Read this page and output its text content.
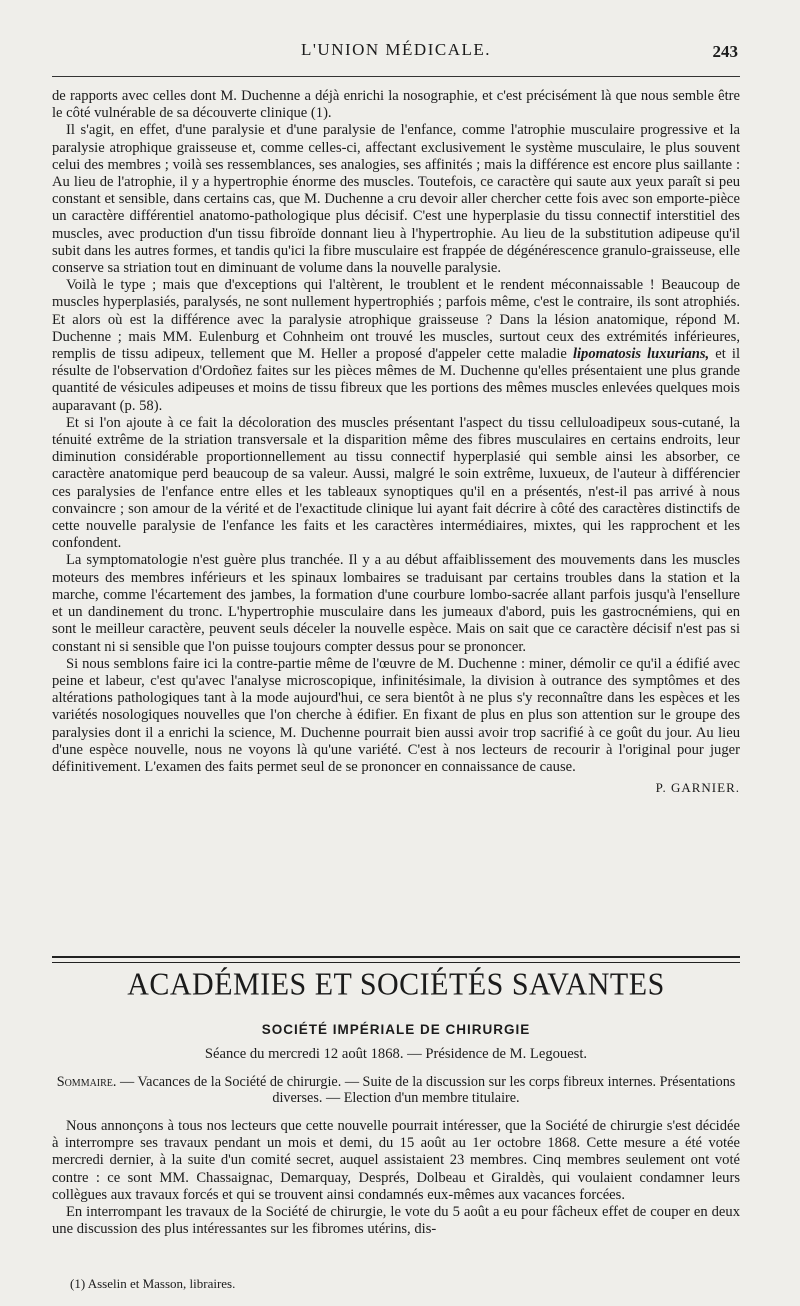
L'UNION MÉDICALE.	243

de rapports avec celles dont M. Duchenne a déjà enrichi la nosographie, et c'est précisément là que nous semble être le côté vulnérable de sa découverte clinique (1).

Il s'agit, en effet, d'une paralysie et d'une paralysie de l'enfance, comme l'atrophie musculaire progressive et la paralysie atrophique graisseuse et, comme celles-ci, affectant exclusivement le système musculaire, le plus souvent celui des membres ; voilà ses ressemblances, ses analogies, ses affinités ; mais la différence est encore plus saillante : Au lieu de l'atrophie, il y a hypertrophie énorme des muscles. Toutefois, ce caractère qui saute aux yeux paraît si peu constant et sensible, dans certains cas, que M. Duchenne a cru devoir aller chercher cette fois avec son emporte-pièce un caractère différentiel anatomo-pathologique plus décisif. C'est une hyperplasie du tissu connectif interstitiel des muscles, avec production d'un tissu fibroïde donnant lieu à l'hypertrophie. Au lieu de la substitution adipeuse qu'il subit dans les autres formes, et tandis qu'ici la fibre musculaire est frappée de dégénérescence granulo-graisseuse, elle conserve sa striation tout en diminuant de volume dans la nouvelle paralysie.

Voilà le type ; mais que d'exceptions qui l'altèrent, le troublent et le rendent méconnaissable ! Beaucoup de muscles hyperplasiés, paralysés, ne sont nullement hypertrophiés ; parfois même, c'est le contraire, ils sont atrophiés. Et alors où est la différence avec la paralysie atrophique graisseuse ? Dans la lésion anatomique, répond M. Duchenne ; mais MM. Eulenburg et Cohnheim ont trouvé les muscles, surtout ceux des extrémités inférieures, remplis de tissu adipeux, tellement que M. Heller a proposé d'appeler cette maladie lipomatosis luxurians, et il résulte de l'observation d'Ordoñez faites sur les pièces mêmes de M. Duchenne qu'elles présentaient une plus grande quantité de vésicules adipeuses et moins de tissu fibreux que les portions des mêmes muscles enlevées quelques mois auparavant (p. 58).

Et si l'on ajoute à ce fait la décoloration des muscles présentant l'aspect du tissu celluloadipeux sous-cutané, la ténuité extrême de la striation transversale et la disparition même des fibres musculaires en certains endroits, leur diminution considérable proportionnellement au tissu connectif hyperplasié qui semble ainsi les absorber, ce caractère anatomique perd beaucoup de sa valeur. Aussi, malgré le soin extrême, luxueux, de l'auteur à différencier ces paralysies de l'enfance entre elles et les tableaux synoptiques qu'il en a présentés, n'est-il pas arrivé à nous convaincre ; son amour de la vérité et de l'exactitude clinique lui ayant fait décrire à côté des caractères distinctifs de cette nouvelle paralysie de l'enfance les faits et les caractères intermédiaires, mixtes, qui les rapprochent et les confondent.

La symptomatologie n'est guère plus tranchée. Il y a au début affaiblissement des mouvements dans les muscles moteurs des membres inférieurs et les spinaux lombaires se traduisant par certains troubles dans la station et la marche, comme l'écartement des jambes, la formation d'une courbure lombo-sacrée allant parfois jusqu'à l'ensellure et un dandinement du tronc. L'hypertrophie musculaire dans les jumeaux d'abord, puis les gastrocnémiens, qui en sont le meilleur caractère, peuvent seuls déceler la nouvelle espèce. Mais on sait que ce caractère décisif n'est pas si constant ni si sensible que l'on puisse toujours compter dessus pour se prononcer.

Si nous semblons faire ici la contre-partie même de l'œuvre de M. Duchenne : miner, démolir ce qu'il a édifié avec peine et labeur, c'est qu'avec l'analyse microscopique, infinitésimale, la division à outrance des symptômes et des altérations pathologiques tant à la mode aujourd'hui, ce sera bientôt à ne plus s'y reconnaître dans les espèces et les variétés nosologiques nouvelles que l'on cherche à édifier. En fixant de plus en plus son attention sur le groupe des paralysies dont il a enrichi la science, M. Duchenne pourrait bien aussi avoir trop sacrifié à ce goût du jour. Au lieu d'une espèce nouvelle, nous ne voyons là qu'une variété. C'est à nos lecteurs de recourir à l'original pour juger définitivement. L'examen des faits permet seul de se prononcer en connaissance de cause.

P. GARNIER.
ACADÉMIES ET SOCIÉTÉS SAVANTES
SOCIÉTÉ IMPÉRIALE DE CHIRURGIE
Séance du mercredi 12 août 1868. — Présidence de M. Legouest.
Sommaire. — Vacances de la Société de chirurgie. — Suite de la discussion sur les corps fibreux internes. Présentations diverses. — Election d'un membre titulaire.

Nous annonçons à tous nos lecteurs que cette nouvelle pourrait intéresser, que la Société de chirurgie s'est décidée à interrompre ses travaux pendant un mois et demi, du 15 août au 1er octobre 1868. Cette mesure a été votée mercredi dernier, à la suite d'un comité secret, auquel assistaient 23 membres. Cinq membres seulement ont voté contre : ce sont MM. Chassaignac, Demarquay, Després, Dolbeau et Giraldès, qui voulaient condamner leurs collègues aux travaux forcés et qui se trouvent ainsi condamnés eux-mêmes aux vacances forcées.

En interrompant les travaux de la Société de chirurgie, le vote du 5 août a eu pour fâcheux effet de couper en deux une discussion des plus intéressantes sur les fibromes utérins, dis-

(1) Asselin et Masson, libraires.
